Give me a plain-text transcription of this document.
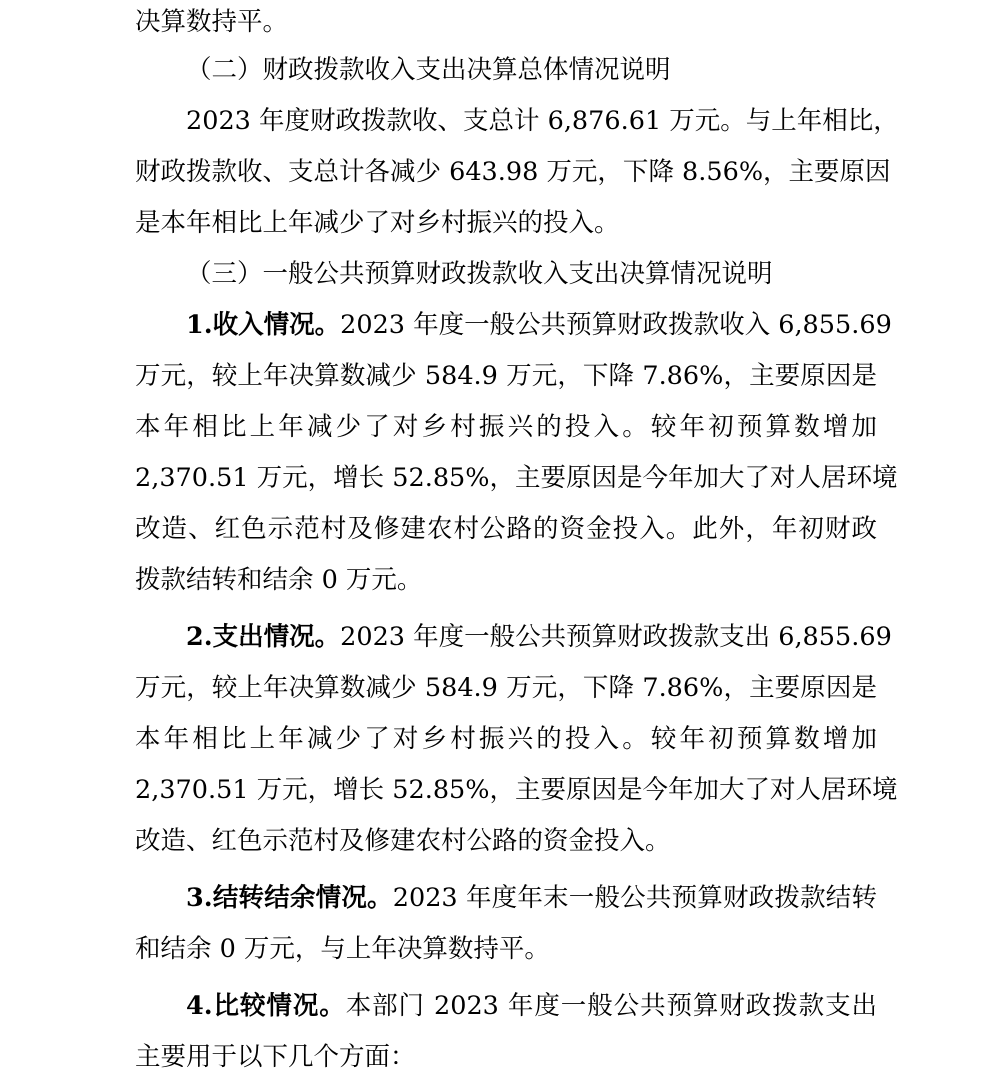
决算数持平。
（二）财政拨款收入支出决算总体情况说明
2023 年度财政拨款收、支总计 6,876.61 万元。与上年相比，
财政拨款收、支总计各减少 643.98 万元，下降 8.56%，主要原因
是本年相比上年减少了对乡村振兴的投入。
（三）一般公共预算财政拨款收入支出决算情况说明
1.收入情况。2023 年度一般公共预算财政拨款收入 6,855.69
万元，较上年决算数减少 584.9 万元，下降 7.86%，主要原因是
本年相比上年减少了对乡村振兴的投入。较年初预算数增加
2,370.51 万元，增长 52.85%，主要原因是今年加大了对人居环境
改造、红色示范村及修建农村公路的资金投入。此外，年初财政
拨款结转和结余 0 万元。
2.支出情况。2023 年度一般公共预算财政拨款支出 6,855.69
万元，较上年决算数减少 584.9 万元，下降 7.86%，主要原因是
本年相比上年减少了对乡村振兴的投入。较年初预算数增加
2,370.51 万元，增长 52.85%，主要原因是今年加大了对人居环境
改造、红色示范村及修建农村公路的资金投入。
3.结转结余情况。2023 年度年末一般公共预算财政拨款结转
和结余 0 万元，与上年决算数持平。
4.比较情况。本部门 2023 年度一般公共预算财政拨款支出
主要用于以下几个方面：
